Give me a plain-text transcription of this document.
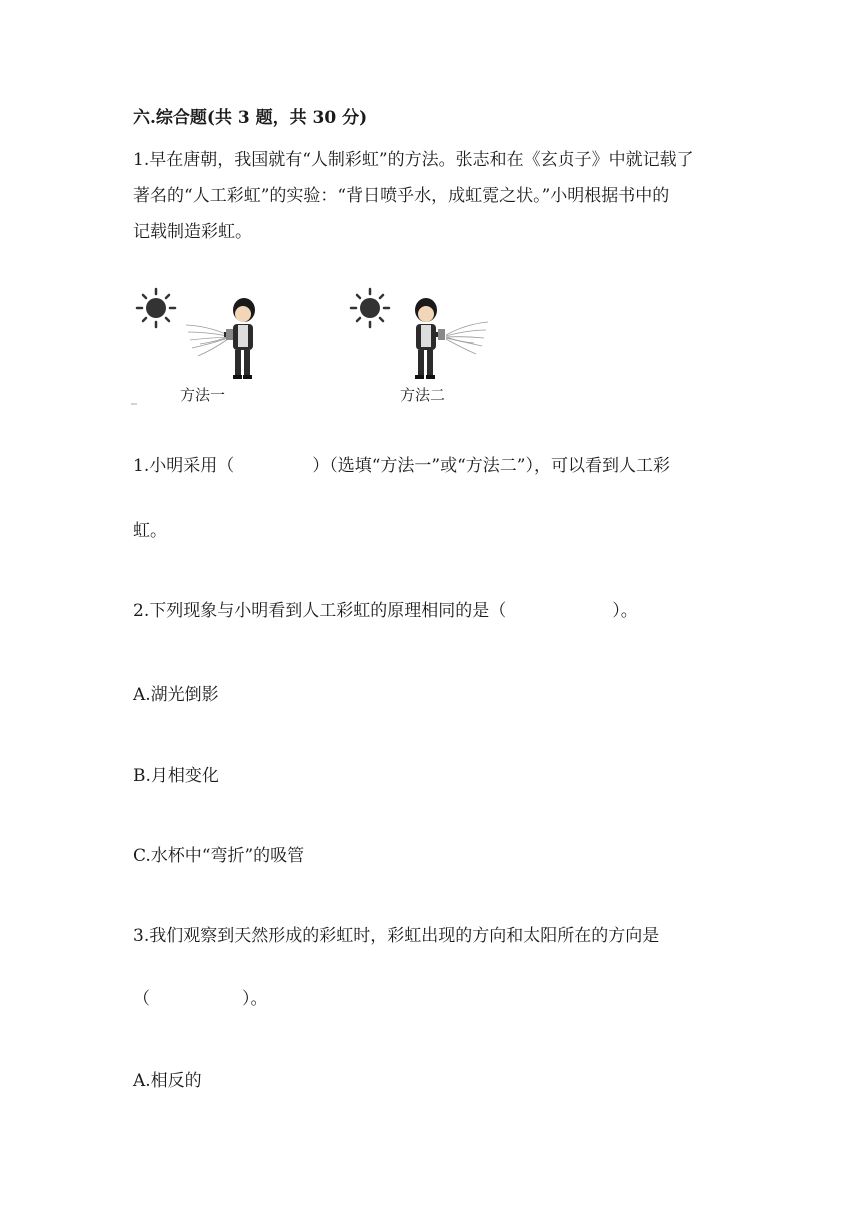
六.综合题(共 3 题，共 30 分)
1.早在唐朝，我国就有“人制彩虹”的方法。张志和在《玄贞子》中就记载了
著名的“人工彩虹”的实验：“背日喷乎水，成虹霓之状。”小明根据书中的
记载制造彩虹。
方法一	方法二
1.小明采用（	）（选填“方法一”或“方法二”），可以看到人工彩
虹。
2.下列现象与小明看到人工彩虹的原理相同的是（	）。
A.湖光倒影
B.月相变化
C.水杯中“弯折”的吸管
3.我们观察到天然形成的彩虹时，彩虹出现的方向和太阳所在的方向是
（	）。
A.相反的
